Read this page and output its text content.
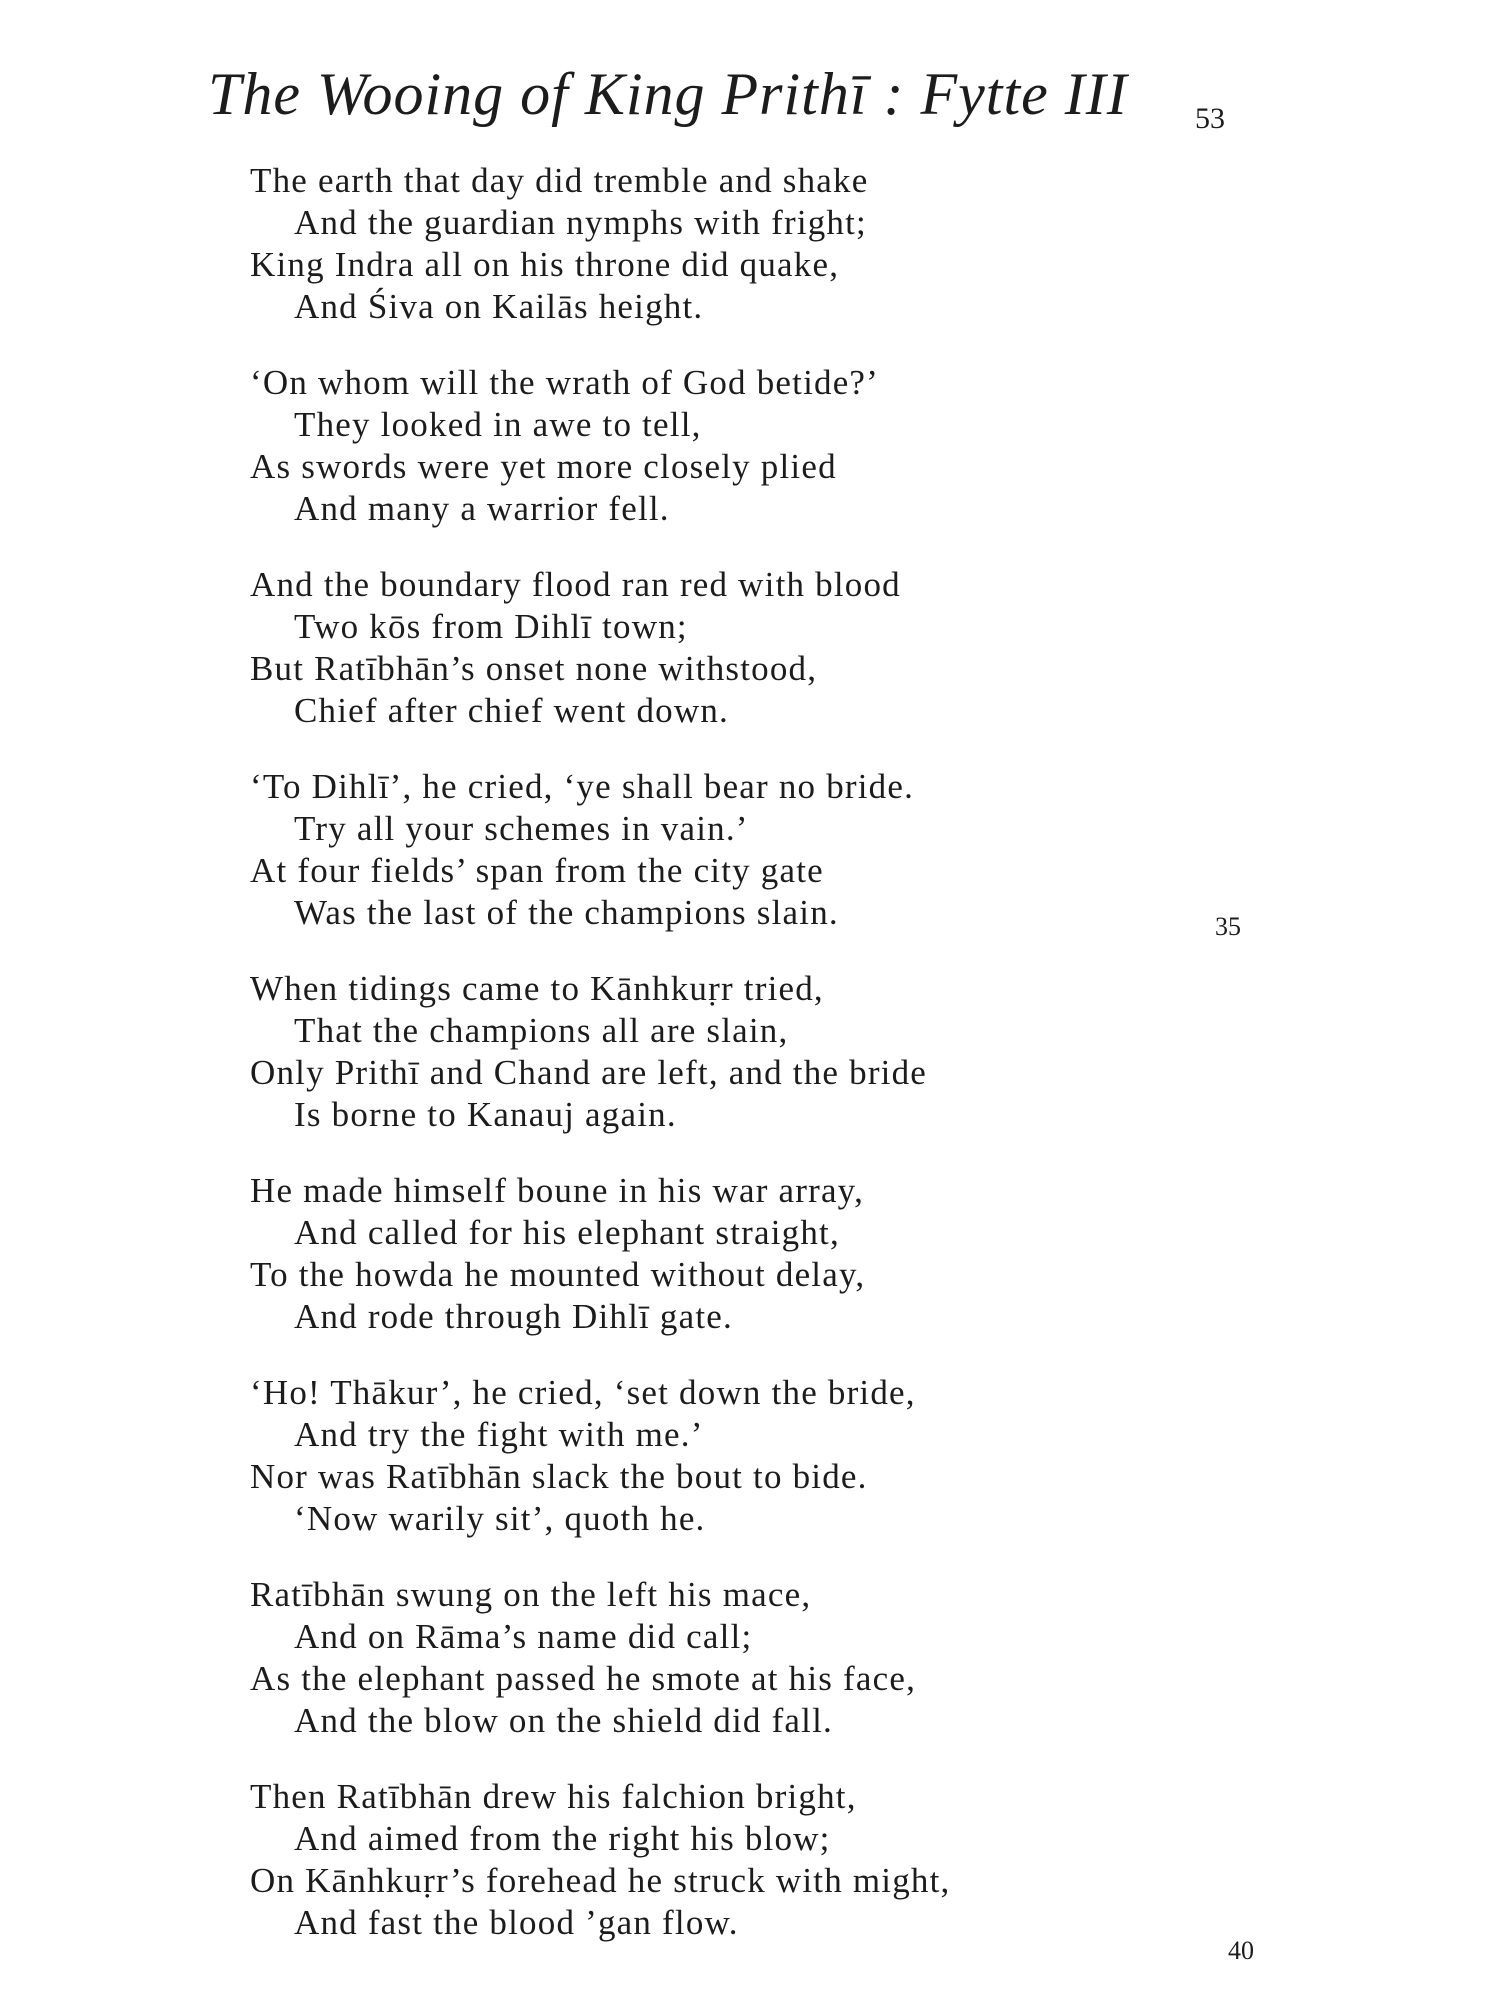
The Wooing of King Prithī : Fytte III 53
The earth that day did tremble and shake
And the guardian nymphs with fright;
King Indra all on his throne did quake,
And Śiva on Kailās height.
‘On whom will the wrath of God betide?’
They looked in awe to tell,
As swords were yet more closely plied
And many a warrior fell.
And the boundary flood ran red with blood
Two kōs from Dihlī town;
But Ratībhān’s onset none withstood,
Chief after chief went down.
‘To Dihlī’, he cried, ‘ye shall bear no bride.
Try all your schemes in vain.’
At four fields’ span from the city gate
Was the last of the champions slain.
When tidings came to Kānhkuṛr tried,
That the champions all are slain,
Only Prithī and Chand are left, and the bride
Is borne to Kanauj again.
He made himself boune in his war array,
And called for his elephant straight,
To the howda he mounted without delay,
And rode through Dihlī gate.
‘Ho! Thākur’, he cried, ‘set down the bride,
And try the fight with me.’
Nor was Ratībhān slack the bout to bide.
‘Now warily sit’, quoth he.
Ratībhān swung on the left his mace,
And on Rāma’s name did call;
As the elephant passed he smote at his face,
And the blow on the shield did fall.
Then Ratībhān drew his falchion bright,
And aimed from the right his blow;
On Kānhkuṛr’s forehead he struck with might,
And fast the blood ’gan flow.
35
40
